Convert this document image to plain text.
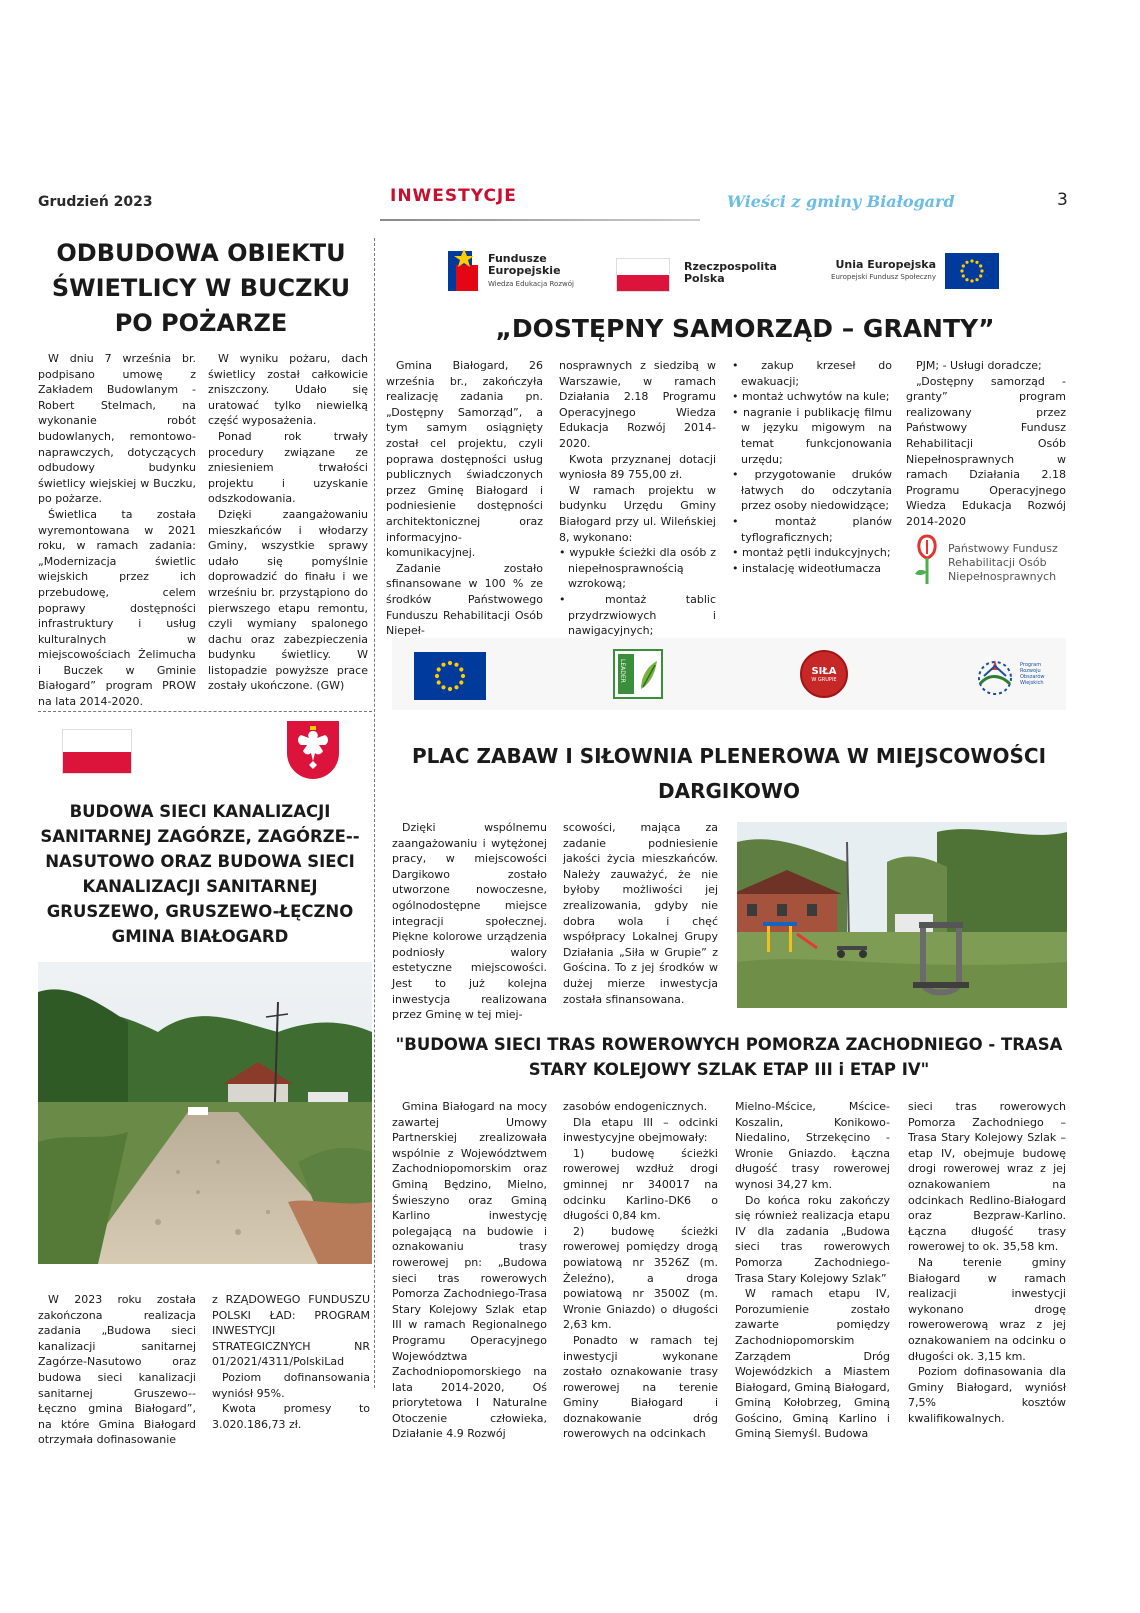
Grudzień 2023	INWESTYCJE	Wieści z gminy Białogard	3
ODBUDOWA OBIEKTU ŚWIETLICY W BUCZKU PO POŻARZE

W dniu 7 września br. podpisano umowę z Zakładem Budowlanym - Robert Stelmach, na wykonanie robót budowlanych, remontowo-naprawczych, dotyczących odbudowy budynku świetlicy wiejskiej w Buczku, po pożarze.

Świetlica ta została wyremontowana w 2021 roku, w ramach zadania: „Modernizacja świetlic wiejskich przez ich przebudowę, celem poprawy dostępności infrastruktury i usług kulturalnych w miejscowościach Żelimucha i Buczek w Gminie Białogard” program PROW na lata 2014-2020.

W wyniku pożaru, dach świetlicy został całkowicie zniszczony. Udało się uratować tylko niewielką część wyposażenia.

Ponad rok trwały procedury związane ze zniesieniem trwałości projektu i uzyskanie odszkodowania.

Dzięki zaangażowaniu mieszkańców i włodarzy Gminy, wszystkie sprawy udało się pomyślnie doprowadzić do finału i we wrześniu br. przystąpiono do pierwszego etapu remontu, czyli wymiany spalonego dachu oraz zabezpieczenia budynku świetlicy. W listopadzie powyższe prace zostały ukończone. (GW)

Fundusze
Europejskie
Wiedza Edukacja Rozwój
Rzeczpospolita
Polska
Unia Europejska
Europejski Fundusz Społeczny
„DOSTĘPNY SAMORZĄD – GRANTY”

Gmina Białogard, 26 września br., zakończyła realizację zadania pn. „Dostępny Samorząd”, a tym samym osiągnięty został cel projektu, czyli poprawa dostępności usług publicznych świadczonych przez Gminę Białogard i podniesienie dostępności architektonicznej oraz informacyjno-komunikacyjnej.

Zadanie zostało sfinansowane w 100 % ze środków Państwowego Funduszu Rehabilitacji Osób Niepeł-

nosprawnych z siedzibą w Warszawie, w ramach Działania 2.18 Programu Operacyjnego Wiedza Edukacja Rozwój 2014-2020.

Kwota przyznanej dotacji wyniosła 89 755,00 zł.

W ramach projektu w budynku Urzędu Gminy Białogard przy ul. Wileńskiej 8, wykonano:

• wypukłe ścieżki dla osób z niepełnosprawnością wzrokową;
• montaż tablic przydrzwiowych i nawigacyjnych;
• zakup krzeseł do ewakuacji;
• montaż uchwytów na kule;
• nagranie i publikację filmu w języku migowym na temat funkcjonowania urzędu;
• przygotowanie druków łatwych do odczytania przez osoby niedowidzące;
• montaż planów tyflograficznych;
• montaż pętli indukcyjnych;
• instalację wideotłumacza

PJM; - Usługi doradcze;

„Dostępny samorząd - granty” program realizowany przez Państwowy Fundusz Rehabilitacji Osób Niepełnosprawnych w ramach Działania 2.18 Programu Operacyjnego Wiedza Edukacja Rozwój 2014-2020

Państwowy Fundusz
Rehabilitacji Osób
Niepełnosprawnych
LEADER	SIŁA
W GRUPIE
Program Rozwoju Obszarów Wiejskich
BUDOWA SIECI KANALIZACJI SANITARNEJ ZAGÓRZE, ZAGÓRZE--NASUTOWO ORAZ BUDOWA SIECI KANALIZACJI SANITARNEJ GRUSZEWO, GRUSZEWO-ŁĘCZNO GMINA BIAŁOGARD

W 2023 roku została zakończona realizacja zadania „Budowa sieci kanalizacji sanitarnej Zagórze-Nasutowo oraz budowa sieci kanalizacji sanitarnej Gruszewo--Łęczno gmina Białogard”, na które Gmina Białogard otrzymała dofinasowanie

z RZĄDOWEGO FUNDUSZU POLSKI ŁAD: PROGRAM INWESTYCJI STRATEGICZNYCH NR 01/2021/4311/PolskiLad

Poziom dofinansowania wyniósł 95%.

Kwota promesy to 3.020.186,73 zł.

PLAC ZABAW I SIŁOWNIA PLENEROWA W MIEJSCOWOŚCI DARGIKOWO

Dzięki wspólnemu zaangażowaniu i wytężonej pracy, w miejscowości Dargikowo zostało utworzone nowoczesne, ogólnodostępne miejsce integracji społecznej. Piękne kolorowe urządzenia podniosły walory estetyczne miejscowości. Jest to już kolejna inwestycja realizowana przez Gminę w tej miej-

scowości, mająca za zadanie podniesienie jakości życia mieszkańców. Należy zauważyć, że nie byłoby możliwości jej zrealizowania, gdyby nie dobra wola i chęć współpracy Lokalnej Grupy Działania „Siła w Grupie” z Gościna. To z jej środków w dużej mierze inwestycja została sfinansowana.

"BUDOWA SIECI TRAS ROWEROWYCH POMORZA ZACHODNIEGO - TRASA STARY KOLEJOWY SZLAK ETAP III i ETAP IV"

Gmina Białogard na mocy zawartej Umowy Partnerskiej zrealizowała wspólnie z Województwem Zachodniopomorskim oraz Gminą Będzino, Mielno, Świeszyno oraz Gminą Karlino inwestycję polegającą na budowie i oznakowaniu trasy rowerowej pn: „Budowa sieci tras rowerowych Pomorza Zachodniego-Trasa Stary Kolejowy Szlak etap III w ramach Regionalnego Programu Operacyjnego Województwa Zachodniopomorskiego na lata 2014-2020, Oś priorytetowa I Naturalne Otoczenie człowieka, Działanie 4.9 Rozwój

zasobów endogenicznych.

Dla etapu III – odcinki inwestycyjne obejmowały:

1) budowę ścieżki rowerowej wzdłuż drogi gminnej nr 340017 na odcinku Karlino-DK6 o długości 0,84 km.

2) budowę ścieżki rowerowej pomiędzy drogą powiatową nr 3526Z (m. Żeleźno), a droga powiatową nr 3500Z (m. Wronie Gniazdo) o długości 2,63 km.

Ponadto w ramach tej inwestycji wykonane zostało oznakowanie trasy rowerowej na terenie Gminy Białogard i doznakowanie dróg rowerowych na odcinkach

Mielno-Mścice, Mścice-Koszalin, Konikowo-Niedalino, Strzekęcino - Wronie Gniazdo. Łączna długość trasy rowerowej wynosi 34,27 km.

Do końca roku zakończy się również realizacja etapu IV dla zadania „Budowa sieci tras rowerowych Pomorza Zachodniego- Trasa Stary Kolejowy Szlak”

W ramach etapu IV, Porozumienie zostało zawarte pomiędzy Zachodniopomorskim Zarządem Dróg Wojewódzkich a Miastem Białogard, Gminą Białogard, Gminą Kołobrzeg, Gminą Gościno, Gminą Karlino i Gminą Siemyśl. Budowa

sieci tras rowerowych Pomorza Zachodniego – Trasa Stary Kolejowy Szlak – etap IV, obejmuje budowę drogi rowerowej wraz z jej oznakowaniem na odcinkach Redlino-Białogard oraz Bezpraw-Karlino. Łączna długość trasy rowerowej to ok. 35,58 km.

Na terenie gminy Białogard w ramach realizacji inwestycji wykonano drogę rowerowerową wraz z jej oznakowaniem na odcinku o długości ok. 3,15 km.

Poziom dofinasowania dla Gminy Białogard, wyniósł 7,5% kosztów kwalifikowalnych.
